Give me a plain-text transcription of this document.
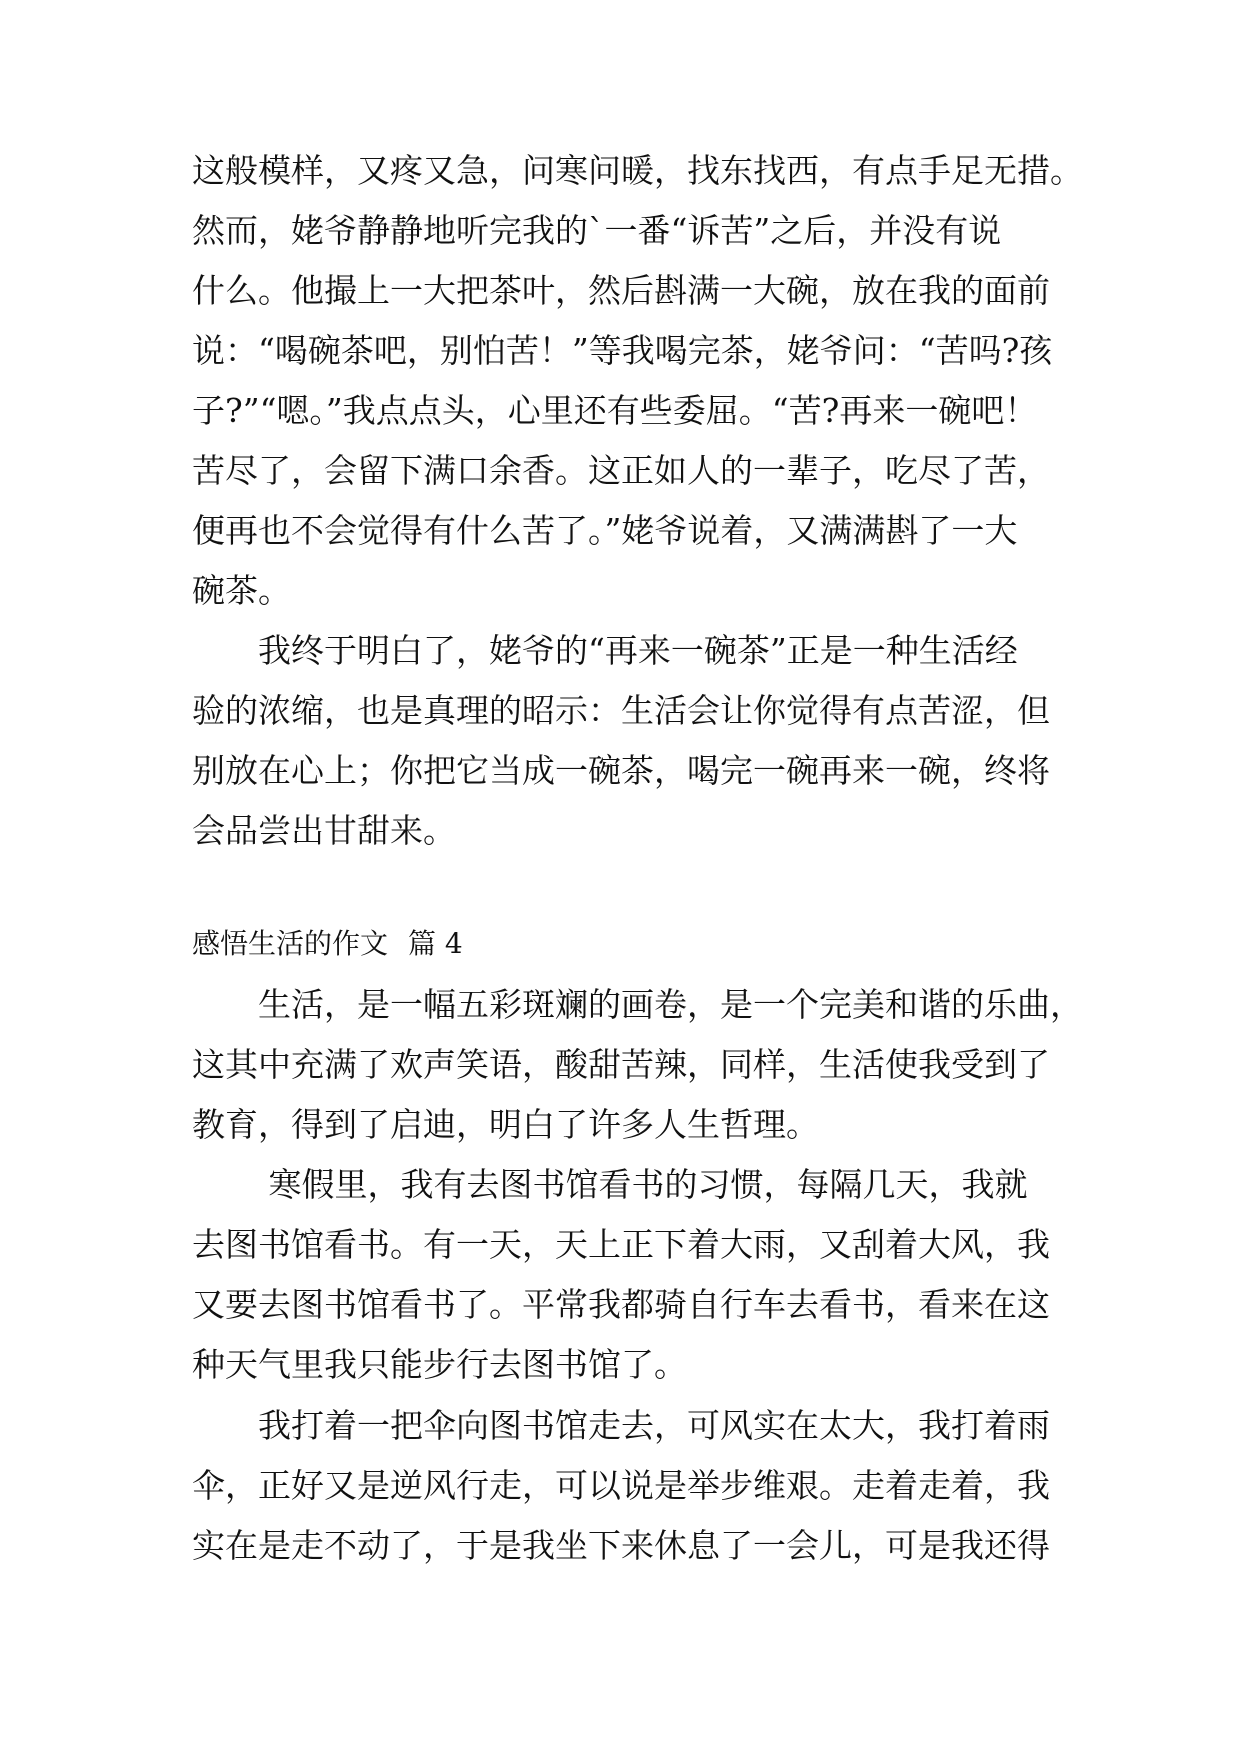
这般模样，又疼又急，问寒问暖，找东找西，有点手足无措。
然而，姥爷静静地听完我的`一番“诉苦”之后，并没有说
什么。他撮上一大把茶叶，然后斟满一大碗，放在我的面前
说：“喝碗茶吧，别怕苦！”等我喝完茶，姥爷问：“苦吗?孩
子?”“嗯。”我点点头，心里还有些委屈。“苦?再来一碗吧！
苦尽了，会留下满口余香。这正如人的一辈子，吃尽了苦，
便再也不会觉得有什么苦了。”姥爷说着，又满满斟了一大
碗茶。
　　我终于明白了，姥爷的“再来一碗茶”正是一种生活经
验的浓缩，也是真理的昭示：生活会让你觉得有点苦涩，但
别放在心上；你把它当成一碗茶，喝完一碗再来一碗，终将
会品尝出甘甜来。
感悟生活的作文 篇 4
　　生活，是一幅五彩斑斓的画卷，是一个完美和谐的乐曲，
这其中充满了欢声笑语，酸甜苦辣，同样，生活使我受到了
教育，得到了启迪，明白了许多人生哲理。
　　 寒假里，我有去图书馆看书的习惯，每隔几天，我就
去图书馆看书。有一天，天上正下着大雨，又刮着大风，我
又要去图书馆看书了。平常我都骑自行车去看书，看来在这
种天气里我只能步行去图书馆了。
　　我打着一把伞向图书馆走去，可风实在太大，我打着雨
伞，正好又是逆风行走，可以说是举步维艰。走着走着，我
实在是走不动了，于是我坐下来休息了一会儿，可是我还得
